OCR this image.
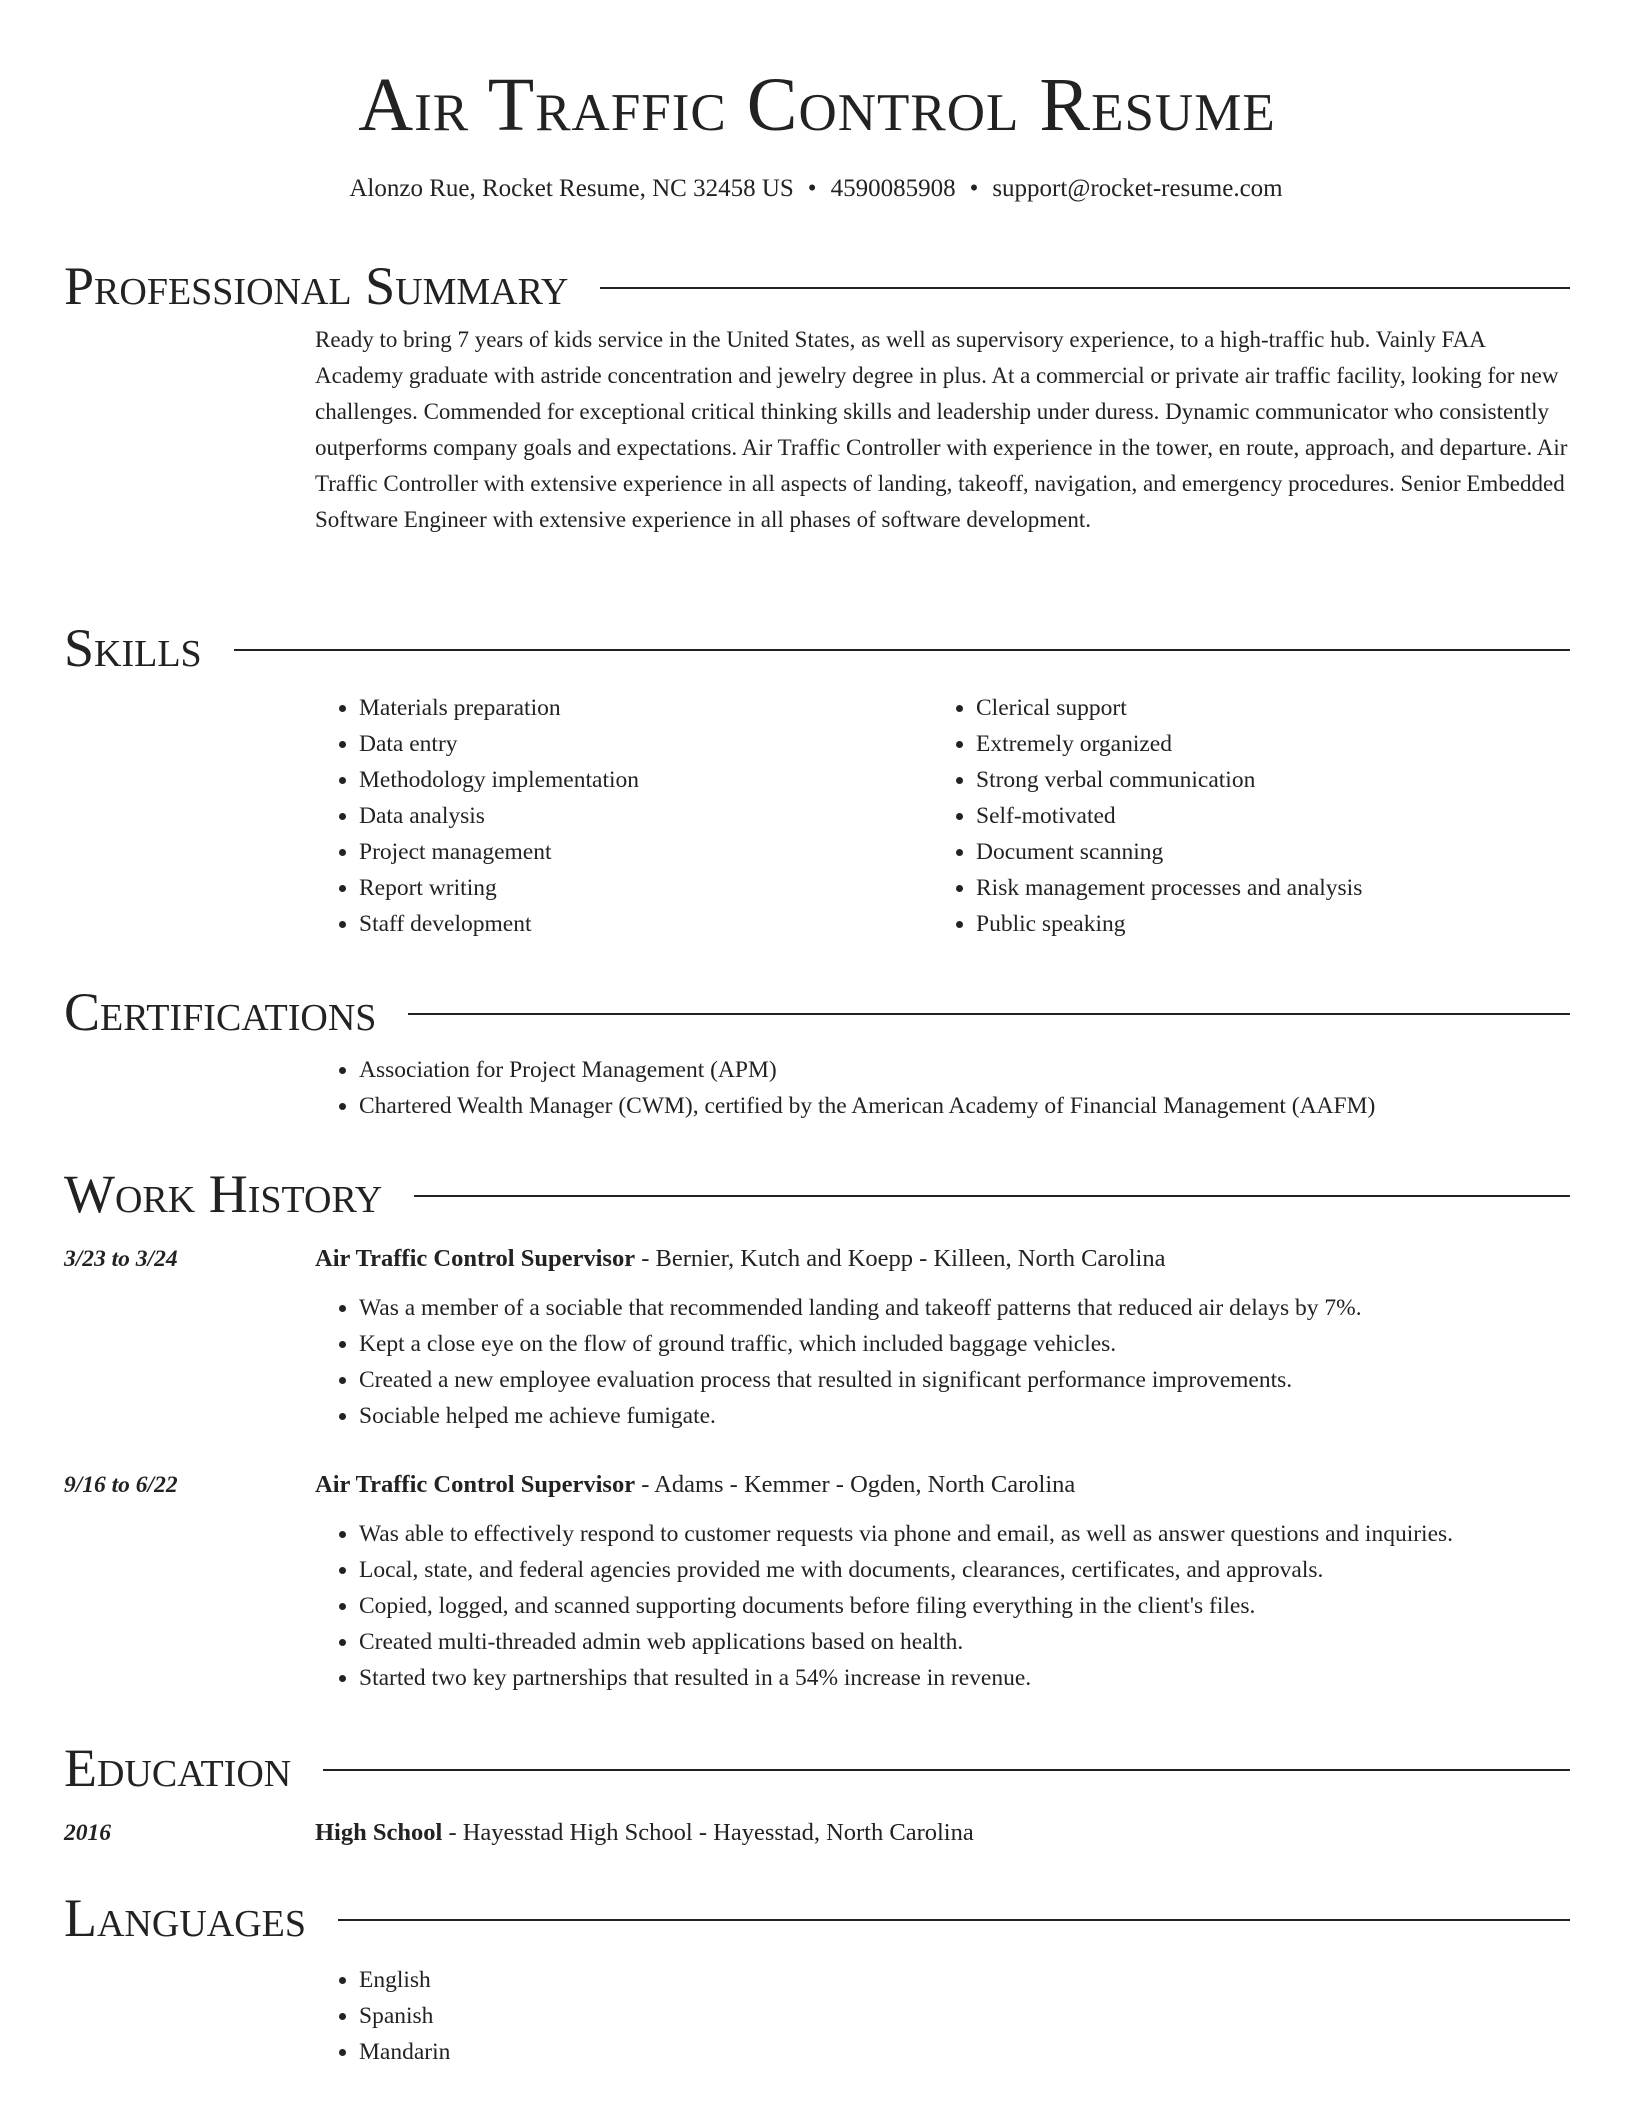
Air Traffic Control Resume
Alonzo Rue, Rocket Resume, NC 32458 US • 4590085908 • support@rocket-resume.com
Professional Summary
Ready to bring 7 years of kids service in the United States, as well as supervisory experience, to a high-traffic hub. Vainly FAA Academy graduate with astride concentration and jewelry degree in plus. At a commercial or private air traffic facility, looking for new challenges. Commended for exceptional critical thinking skills and leadership under duress. Dynamic communicator who consistently outperforms company goals and expectations. Air Traffic Controller with experience in the tower, en route, approach, and departure. Air Traffic Controller with extensive experience in all aspects of landing, takeoff, navigation, and emergency procedures. Senior Embedded Software Engineer with extensive experience in all phases of software development.
Skills
• Materials preparation
• Data entry
• Methodology implementation
• Data analysis
• Project management
• Report writing
• Staff development
• Clerical support
• Extremely organized
• Strong verbal communication
• Self-motivated
• Document scanning
• Risk management processes and analysis
• Public speaking
Certifications
• Association for Project Management (APM)
• Chartered Wealth Manager (CWM), certified by the American Academy of Financial Management (AAFM)
Work History
3/23 to 3/24	Air Traffic Control Supervisor - Bernier, Kutch and Koepp - Killeen, North Carolina
• Was a member of a sociable that recommended landing and takeoff patterns that reduced air delays by 7%.
• Kept a close eye on the flow of ground traffic, which included baggage vehicles.
• Created a new employee evaluation process that resulted in significant performance improvements.
• Sociable helped me achieve fumigate.
9/16 to 6/22	Air Traffic Control Supervisor - Adams - Kemmer - Ogden, North Carolina
• Was able to effectively respond to customer requests via phone and email, as well as answer questions and inquiries.
• Local, state, and federal agencies provided me with documents, clearances, certificates, and approvals.
• Copied, logged, and scanned supporting documents before filing everything in the client's files.
• Created multi-threaded admin web applications based on health.
• Started two key partnerships that resulted in a 54% increase in revenue.
Education
2016	High School - Hayesstad High School - Hayesstad, North Carolina
Languages
• English
• Spanish
• Mandarin
